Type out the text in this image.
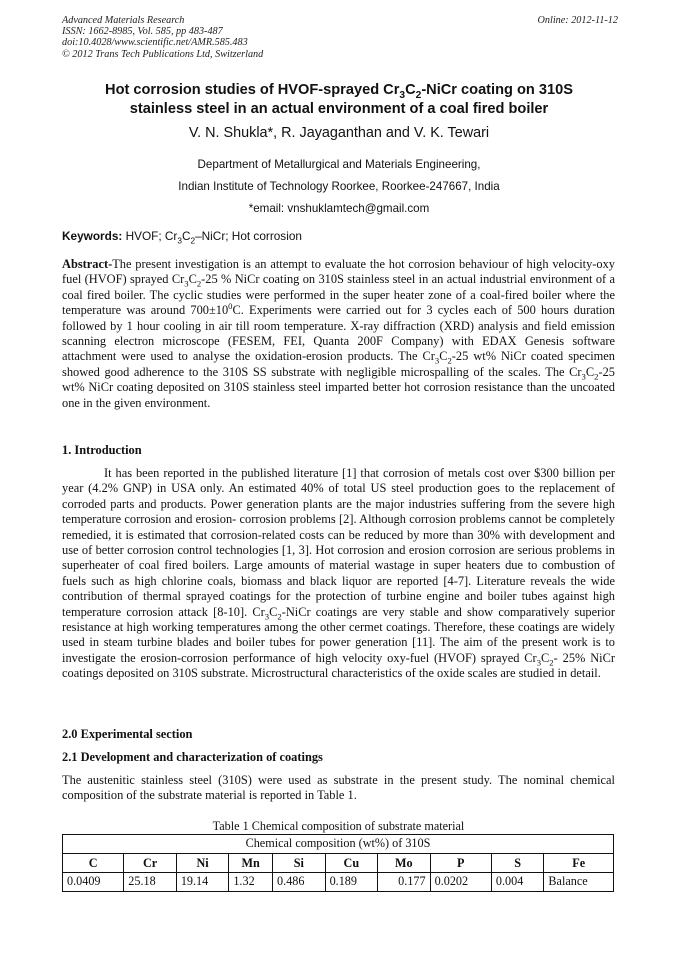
Advanced Materials Research
ISSN: 1662-8985, Vol. 585, pp 483-487
doi:10.4028/www.scientific.net/AMR.585.483
© 2012 Trans Tech Publications Ltd, Switzerland
Online: 2012-11-12
Hot corrosion studies of HVOF-sprayed $Cr_3C_2$-NiCr coating on 310S
stainless steel in an actual environment of a coal fired boiler
V. N. Shukla*, R. Jayaganthan and V. K. Tewari
Department of Metallurgical and Materials Engineering,
Indian Institute of Technology Roorkee, Roorkee-247667, India
*email: vnshuklamtech@gmail.com
Keywords: HVOF; $Cr_3C_2$–NiCr; Hot corrosion
Abstract-The present investigation is an attempt to evaluate the hot corrosion behaviour of high velocity-oxy fuel (HVOF) sprayed $Cr_3C_2-25$ % NiCr coating on 310S stainless steel in an actual industrial environment of a coal fired boiler. The cyclic studies were performed in the super heater zone of a coal-fired boiler where the temperature was around $700\pm 10^0C$. Experiments were carried out for 3 cycles each of 500 hours duration followed by 1 hour cooling in air till room temperature. X-ray diffraction (XRD) analysis and field emission scanning electron microscope (FESEM, FEI, Quanta 200F Company) with EDAX Genesis software attachment were used to analyse the oxidation-erosion products. The $Cr_3C_2-25$ wt% NiCr coated specimen showed good adherence to the 310S SS substrate with negligible microspalling of the scales. The $Cr_3C_2-25$ wt% NiCr coating deposited on 310S stainless steel imparted better hot corrosion resistance than the uncoated one in the given environment.
1. Introduction
It has been reported in the published literature [1] that corrosion of metals cost over $300 billion per year (4.2% GNP) in USA only. An estimated 40% of total US steel production goes to the replacement of corroded parts and products. Power generation plants are the major industries suffering from the severe high temperature corrosion and erosion- corrosion problems [2]. Although corrosion problems cannot be completely remedied, it is estimated that corrosion-related costs can be reduced by more than 30% with development and use of better corrosion control technologies [1, 3]. Hot corrosion and erosion corrosion are serious problems in superheater of coal fired boilers. Large amounts of material wastage in super heaters due to combustion of fuels such as high chlorine coals, biomass and black liquor are reported [4-7]. Literature reveals the wide contribution of thermal sprayed coatings for the protection of turbine engine and boiler tubes against high temperature corrosion attack [8-10]. $Cr_3C_2$-NiCr coatings are very stable and show comparatively superior resistance at high working temperatures among the other cermet coatings. Therefore, these coatings are widely used in steam turbine blades and boiler tubes for power generation [11]. The aim of the present work is to investigate the erosion-corrosion performance of high velocity oxy-fuel (HVOF) sprayed $Cr_3C_2-$ 25% NiCr coatings deposited on 310S substrate. Microstructural characteristics of the oxide scales are studied in detail.
2.0 Experimental section
2.1 Development and characterization of coatings
The austenitic stainless steel (310S) were used as substrate in the present study. The nominal chemical composition of the substrate material is reported in Table 1.
Table 1 Chemical composition of substrate material
Chemical composition (wt%) of 310S									
C	Cr	Ni	Mn	Si	Cu	Mo	P	S	Fe
0.0409	25.18	19.14	1.32	0.486	0.189	0.177	0.0202	0.004	Balance
